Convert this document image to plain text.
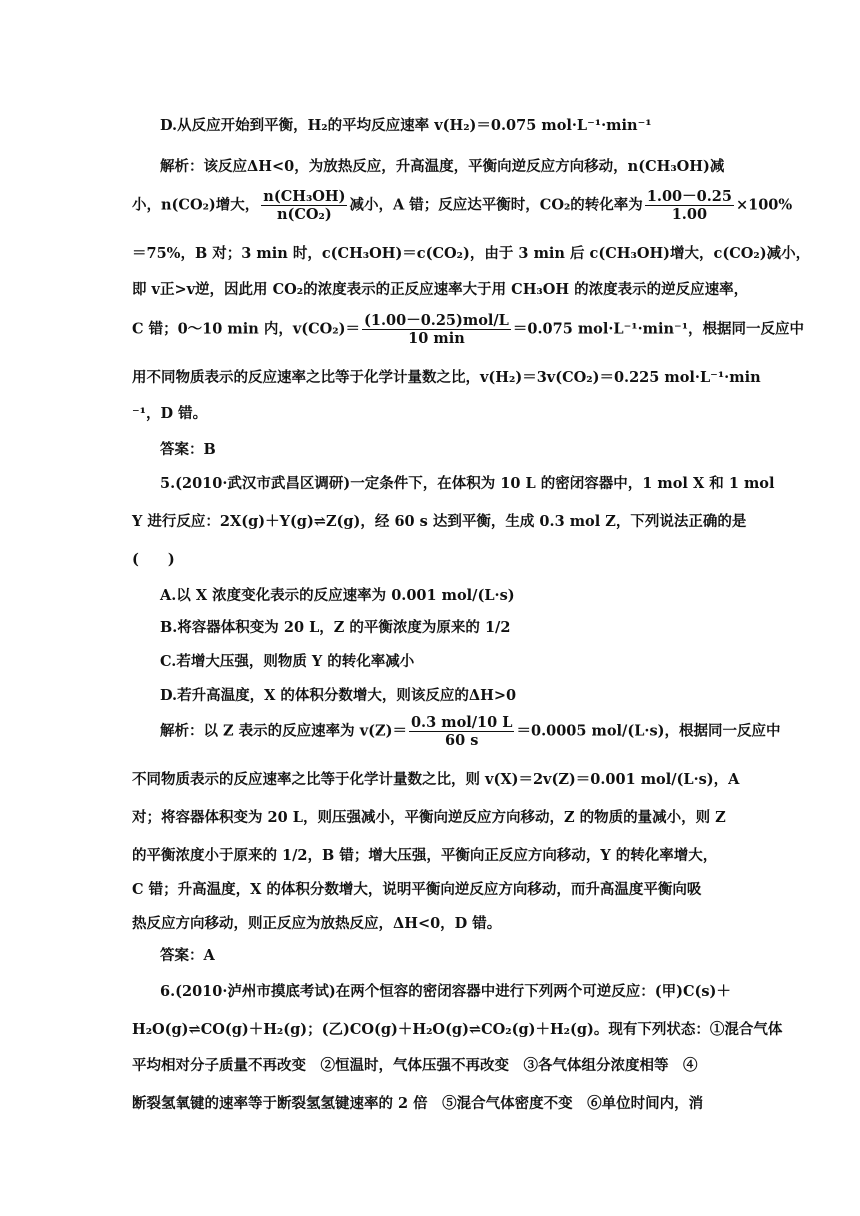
D.从反应开始到平衡，H₂的平均反应速率 v(H₂)＝0.075 mol·L⁻¹·min⁻¹
解析：该反应ΔH<0，为放热反应，升高温度，平衡向逆反应方向移动，n(CH₃OH)减
小，n(CO₂)增大， $\frac{\text{n(CH₃OH)}}{\text{n(CO₂)}}$ 减小，A 错；反应达平衡时，CO₂的转化率为 $\frac{1.00-0.25}{1.00} \times 100\%$
＝75%，B 对；3 min 时，c(CH₃OH)＝c(CO₂)，由于 3 min 后 c(CH₃OH)增大，c(CO₂)减小，
即 v正>v逆，因此用 CO₂的浓度表示的正反应速率大于用 CH₃OH 的浓度表示的逆反应速率，
C 错；0～10 min 内，$v(CO_2)= \frac{\text{(1.00－0.25)mol/L}}{10 \min} =0.075$ mol·L⁻¹·min⁻¹，根据同一反应中
用不同物质表示的反应速率之比等于化学计量数之比，v(H₂)＝3v(CO₂)＝0.225 mol·L⁻¹·min
⁻¹，D 错。
答案：B
5.(2010·武汉市武昌区调研)一定条件下，在体积为 10 L 的密闭容器中，1 mol X 和 1 mol
Y 进行反应：2X(g)＋Y(g)⇌Z(g)，经 60 s 达到平衡，生成 0.3 mol Z，下列说法正确的是
(　　)
A.以 X 浓度变化表示的反应速率为 0.001 mol/(L·s)
B.将容器体积变为 20 L，Z 的平衡浓度为原来的 1/2
C.若增大压强，则物质 Y 的转化率减小
D.若升高温度，X 的体积分数增大，则该反应的ΔH>0
解析：以 Z 表示的反应速率为 $v(Z)= \frac{\text{0.3 mol/10 L}}{60 s} =0.0005$ mol/(L·s)，根据同一反应中
不同物质表示的反应速率之比等于化学计量数之比，则 v(X)＝2v(Z)＝0.001 mol/(L·s)，A
对；将容器体积变为 20 L，则压强减小，平衡向逆反应方向移动，Z 的物质的量减小，则 Z
的平衡浓度小于原来的 1/2，B 错；增大压强，平衡向正反应方向移动，Y 的转化率增大，
C 错；升高温度，X 的体积分数增大，说明平衡向逆反应方向移动，而升高温度平衡向吸
热反应方向移动，则正反应为放热反应，ΔH<0，D 错。
答案：A
6.(2010·泸州市摸底考试)在两个恒容的密闭容器中进行下列两个可逆反应：(甲)C(s)＋
H₂O(g)⇌CO(g)＋H₂(g)；(乙)CO(g)＋H₂O(g)⇌CO₂(g)＋H₂(g)。现有下列状态：①混合气体
平均相对分子质量不再改变　②恒温时，气体压强不再改变　③各气体组分浓度相等　④
断裂氢氧键的速率等于断裂氢氢键速率的 2 倍　⑤混合气体密度不变　⑥单位时间内，消
